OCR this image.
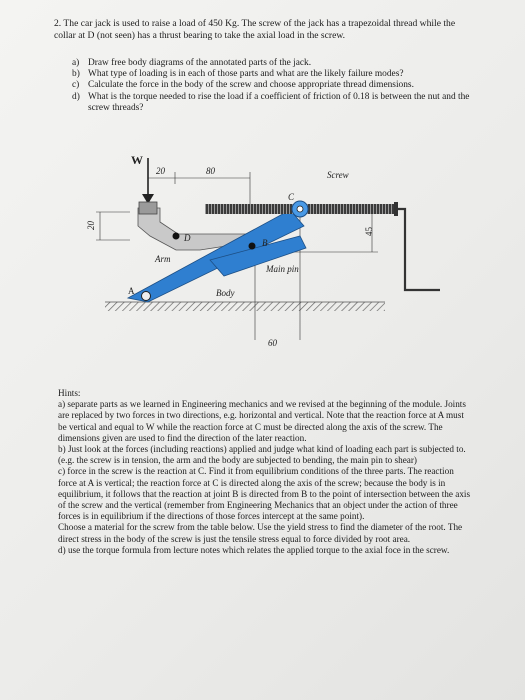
2. The car jack is used to raise a load of 450 Kg. The screw of the jack has a trapezoidal thread while the collar at D (not seen) has a thrust bearing to take the axial load in the screw.
a) Draw free body diagrams of the annotated parts of the jack.
b) What type of loading is in each of those parts and what are the likely failure modes?
c) Calculate the force in the body of the screw and choose appropriate thread dimensions.
d) What is the torque needed to rise the load if a coefficient of friction of 0.18 is between the nut and the screw threads?
W
20	80
20
45
60
Screw
Arm
Body
Main pin
A
B
C
D

Hints:

a) separate parts as we learned in Engineering mechanics and we revised at the beginning of the module. Joints are replaced by two forces in two directions, e.g. horizontal and vertical. Note that the reaction force at A must be vertical and equal to W while the reaction force at C must be directed along the axis of the screw. The dimensions given are used to find the direction of the later reaction.

b) Just look at the forces (including reactions) applied and judge what kind of loading each part is subjected to. (e.g. the screw is in tension, the arm and the body are subjected to bending, the main pin to shear)

c) force in the screw is the reaction at C. Find it from equilibrium conditions of the three parts. The reaction force at A is vertical; the reaction force at C is directed along the axis of the screw; because the body is in equilibrium, it follows that the reaction at joint B is directed from B to the point of intersection between the axis of the screw and the vertical (remember from Engineering Mechanics that an object under the action of three forces is in equilibrium if the directions of those forces intercept at the same point).

Choose a material for the screw from the table below. Use the yield stress to find the diameter of the root. The direct stress in the body of the screw is just the tensile stress equal to force divided by root area.

d) use the torque formula from lecture notes which relates the applied torque to the axial foce in the screw.
